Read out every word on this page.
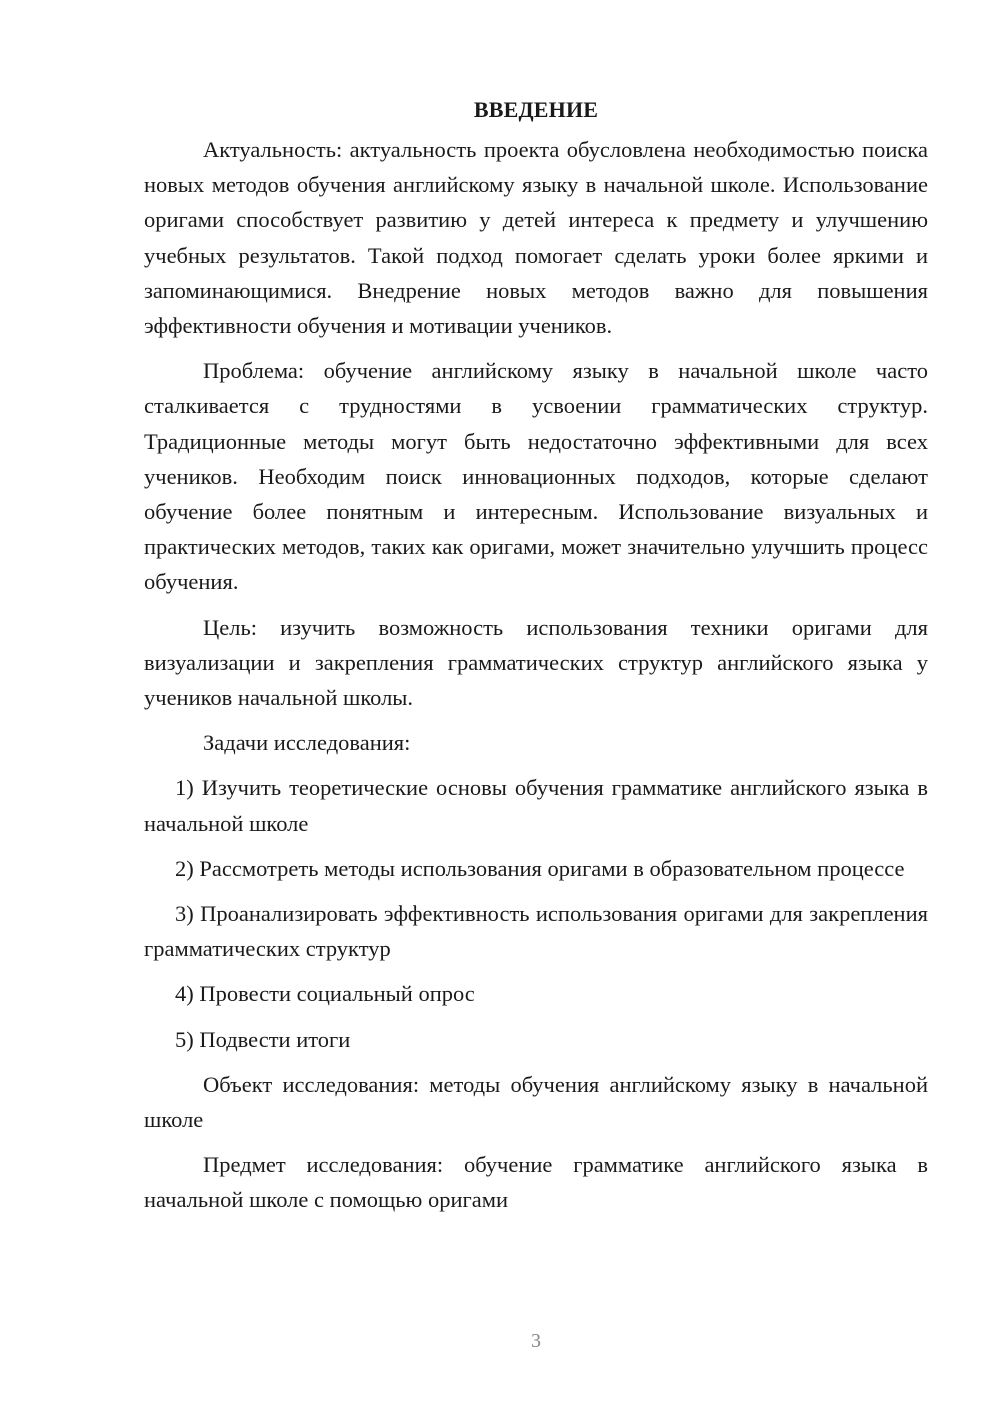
ВВЕДЕНИЕ

Актуальность: актуальность проекта обусловлена необходимостью поиска новых методов обучения английскому языку в начальной школе. Использование оригами способствует развитию у детей интереса к предмету и улучшению учебных результатов. Такой подход помогает сделать уроки более яркими и запоминающимися. Внедрение новых методов важно для повышения эффективности обучения и мотивации учеников.

Проблема: обучение английскому языку в начальной школе часто сталкивается с трудностями в усвоении грамматических структур. Традиционные методы могут быть недостаточно эффективными для всех учеников. Необходим поиск инновационных подходов, которые сделают обучение более понятным и интересным. Использование визуальных и практических методов, таких как оригами, может значительно улучшить процесс обучения.

Цель: изучить возможность использования техники оригами для визуализации и закрепления грамматических структур английского языка у учеников начальной школы.

Задачи исследования:

1) Изучить теоретические основы обучения грамматике английского языка в начальной школе

2) Рассмотреть методы использования оригами в образовательном процессе

3) Проанализировать эффективность использования оригами для закрепления грамматических структур

4) Провести социальный опрос

5) Подвести итоги

Объект исследования: методы обучения английскому языку в начальной школе

Предмет исследования: обучение грамматике английского языка в начальной школе с помощью оригами

3
